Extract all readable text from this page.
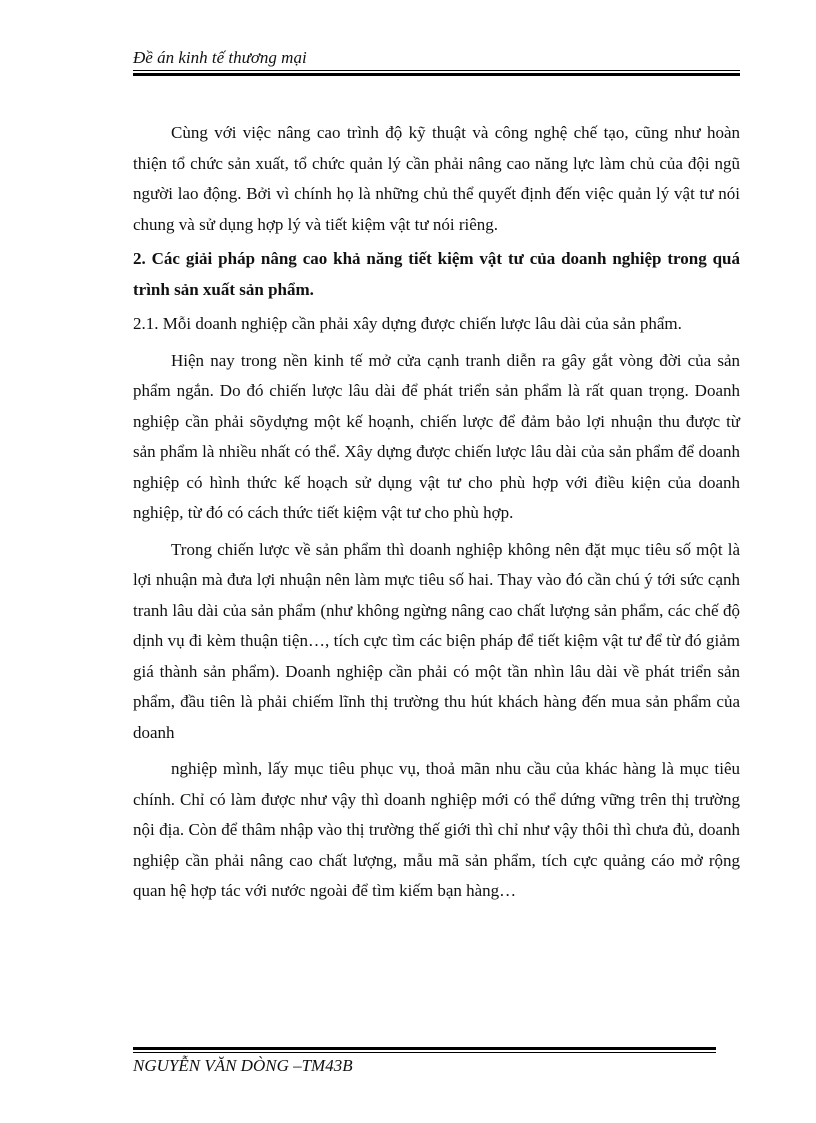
Đề án kinh tế thương mại

Cùng với việc nâng cao trình độ kỹ thuật và công nghệ chế tạo, cũng như hoàn thiện tổ chức sản xuất, tổ chức quản lý cần phải nâng cao năng lực làm chủ của đội ngũ người lao động. Bởi vì chính họ là những chủ thể quyết định đến việc quản lý vật tư nói chung và sử dụng hợp lý và tiết kiệm vật tư nói riêng.

2. Các giải pháp nâng cao khả năng tiết kiệm vật tư của doanh nghiệp trong quá trình sản xuất sản phẩm.

2.1. Mỗi doanh nghiệp cần phải xây dựng được chiến lược lâu dài của sản phẩm.

Hiện nay trong nền kinh tế mở cửa cạnh tranh diễn ra gây gắt vòng đời của sản phẩm ngắn. Do đó chiến lược lâu dài để phát triển sản phẩm là rất quan trọng. Doanh nghiệp cần phải sõydựng một kế hoạnh, chiến lược để đảm bảo lợi nhuận thu được từ sản phẩm là nhiều nhất có thể. Xây dựng được chiến lược lâu dài của sản phẩm để doanh nghiệp có hình thức kế hoạch sử dụng vật tư cho phù hợp với điều kiện của doanh nghiệp, từ đó có cách thức tiết kiệm vật tư cho phù hợp.

Trong chiến lược về sản phẩm thì doanh nghiệp không nên đặt mục tiêu số một là lợi nhuận mà đưa lợi nhuận nên làm mực tiêu số hai. Thay vào đó cần chú ý tới sức cạnh tranh lâu dài của sản phẩm (như không ngừng nâng cao chất lượng sản phẩm, các chế độ dịnh vụ đi kèm thuận tiện…, tích cực tìm các biện pháp để tiết kiệm vật tư để từ đó giảm giá thành sản phẩm). Doanh nghiệp cần phải có một tần nhìn lâu dài về phát triển sản phẩm, đầu tiên là phải chiếm lĩnh thị trường thu hút khách hàng đến mua sản phẩm của doanh

nghiệp mình, lấy mục tiêu phục vụ, thoả mãn nhu cầu của khác hàng là mục tiêu chính. Chỉ có làm được như vậy thì doanh nghiệp mới có thể dứng vững trên thị trường nội địa. Còn để thâm nhập vào thị trường thế giới thì chỉ như vậy thôi thì chưa đủ, doanh nghiệp cần phải nâng cao chất lượng, mẫu mã sản phẩm, tích cực quảng cáo mở rộng quan hệ hợp tác với nước ngoài để tìm kiếm bạn hàng…

NGUYỄN VĂN DÒNG –TM43B
